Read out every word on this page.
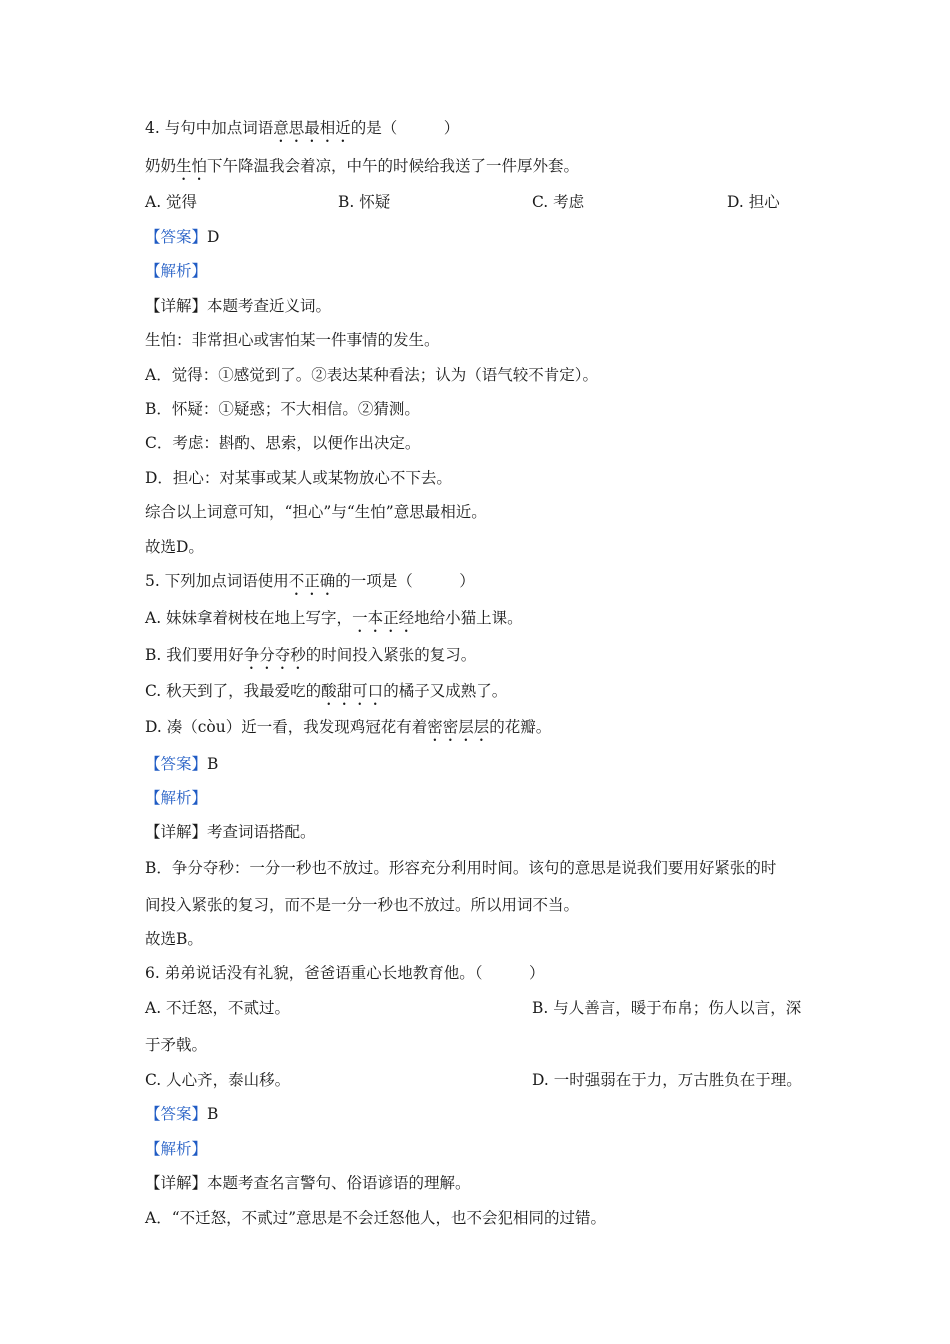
4. 与句中加点词语意思最相近的是（　　　）
奶奶生怕下午降温我会着凉，中午的时候给我送了一件厚外套。
A. 觉得	B. 怀疑	C. 考虑	D. 担心
【答案】D
【解析】
【详解】本题考查近义词。
生怕：非常担心或害怕某一件事情的发生。
A．觉得：①感觉到了。②表达某种看法；认为（语气较不肯定）。
B．怀疑：①疑惑；不大相信。②猜测。
C．考虑：斟酌、思索，以便作出决定。
D．担心：对某事或某人或某物放心不下去。
综合以上词意可知，“担心”与“生怕”意思最相近。
故选D。
5. 下列加点词语使用不正确的一项是（　　　）
A. 妹妹拿着树枝在地上写字，一本正经地给小猫上课。
B. 我们要用好争分夺秒的时间投入紧张的复习。
C. 秋天到了，我最爱吃的酸甜可口的橘子又成熟了。
D. 凑（còu）近一看，我发现鸡冠花有着密密层层的花瓣。
【答案】B
【解析】
【详解】考查词语搭配。
B．争分夺秒：一分一秒也不放过。形容充分利用时间。该句的意思是说我们要用好紧张的时
间投入紧张的复习，而不是一分一秒也不放过。所以用词不当。
故选B。
6. 弟弟说话没有礼貌，爸爸语重心长地教育他。（　　　）
A. 不迁怒，不贰过。	B. 与人善言，暖于布帛；伤人以言，深
于矛戟。
C. 人心齐，泰山移。	D. 一时强弱在于力，万古胜负在于理。
【答案】B
【解析】
【详解】本题考查名言警句、俗语谚语的理解。
A．“不迁怒，不贰过”意思是不会迁怒他人，也不会犯相同的过错。
